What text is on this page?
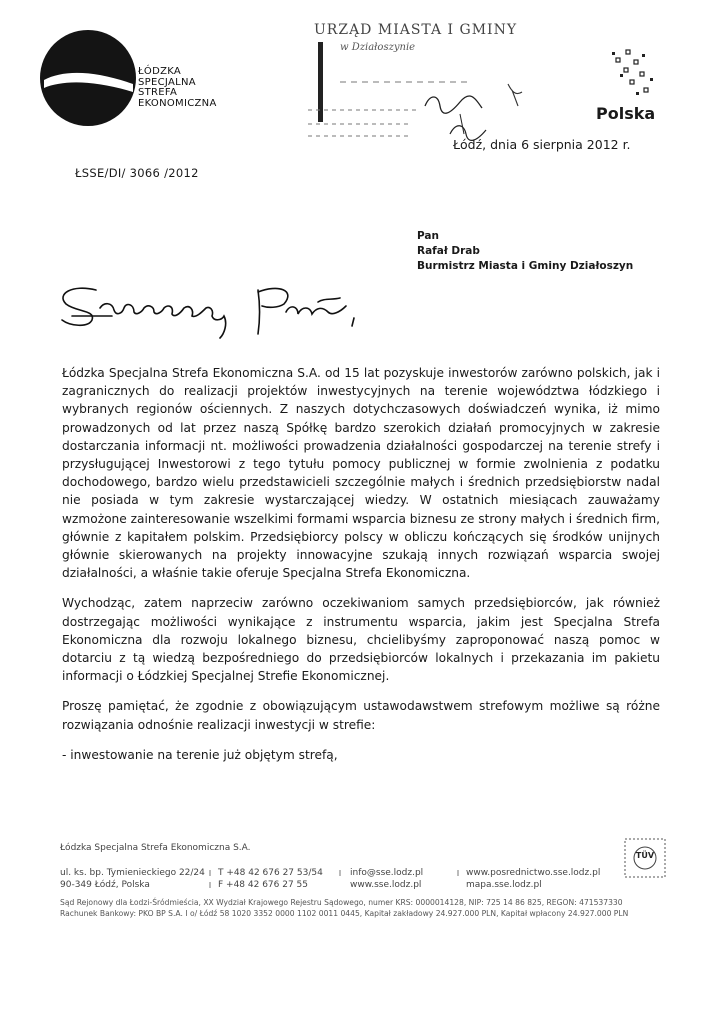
ŁÓDZKA
SPECJALNA
STREFA
EKONOMICZNA
URZĄD MIASTA I GMINY
w Działoszynie
Polska
Łódź, dnia 6 sierpnia 2012 r.
ŁSSE/DI/ 3066 /2012
Pan
Rafał Drab
Burmistrz Miasta i Gminy Działoszyn

Łódzka Specjalna Strefa Ekonomiczna S.A. od 15 lat pozyskuje inwestorów zarówno polskich, jak i zagranicznych do realizacji projektów inwestycyjnych na terenie województwa łódzkiego i wybranych regionów ościennych. Z naszych dotychczasowych doświadczeń wynika, iż mimo prowadzonych od lat przez naszą Spółkę bardzo szerokich działań promocyjnych w zakresie dostarczania informacji nt. możliwości prowadzenia działalności gospodarczej na terenie strefy i przysługującej Inwestorowi z tego tytułu pomocy publicznej w formie zwolnienia z podatku dochodowego, bardzo wielu przedstawicieli szczególnie małych i średnich przedsiębiorstw nadal nie posiada w tym zakresie wystarczającej wiedzy. W ostatnich miesiącach zauważamy wzmożone zainteresowanie wszelkimi formami wsparcia biznesu ze strony małych i średnich firm, głównie z kapitałem polskim. Przedsiębiorcy polscy w obliczu kończących się środków unijnych głównie skierowanych na projekty innowacyjne szukają innych rozwiązań wsparcia swojej działalności, a właśnie takie oferuje Specjalna Strefa Ekonomiczna.

Wychodząc, zatem naprzeciw zarówno oczekiwaniom samych przedsiębiorców, jak również dostrzegając możliwości wynikające z instrumentu wsparcia, jakim jest Specjalna Strefa Ekonomiczna dla rozwoju lokalnego biznesu, chcielibyśmy zaproponować naszą pomoc w dotarciu z tą wiedzą bezpośredniego do przedsiębiorców lokalnych i przekazania im pakietu informacji o Łódzkiej Specjalnej Strefie Ekonomicznej.

Proszę pamiętać, że zgodnie z obowiązującym ustawodawstwem strefowym możliwe są różne rozwiązania odnośnie realizacji inwestycji w strefie:

- inwestowanie na terenie już objętym strefą,

Łódzka Specjalna Strefa Ekonomiczna S.A.
ul. ks. bp. Tymienieckiego 22/24
90-349 Łódź, Polska
T +48 42 676 27 53/54
F +48 42 676 27 55
info@sse.lodz.pl
www.sse.lodz.pl
www.posrednictwo.sse.lodz.pl
mapa.sse.lodz.pl
Sąd Rejonowy dla Łodzi-Śródmieścia, XX Wydział Krajowego Rejestru Sądowego, numer KRS: 0000014128, NIP: 725 14 86 825, REGON: 471537330
Rachunek Bankowy: PKO BP S.A. I o/ Łódź 58 1020 3352 0000 1102 0011 0445, Kapitał zakładowy 24.927.000 PLN, Kapitał wpłacony 24.927.000 PLN
TÜV
